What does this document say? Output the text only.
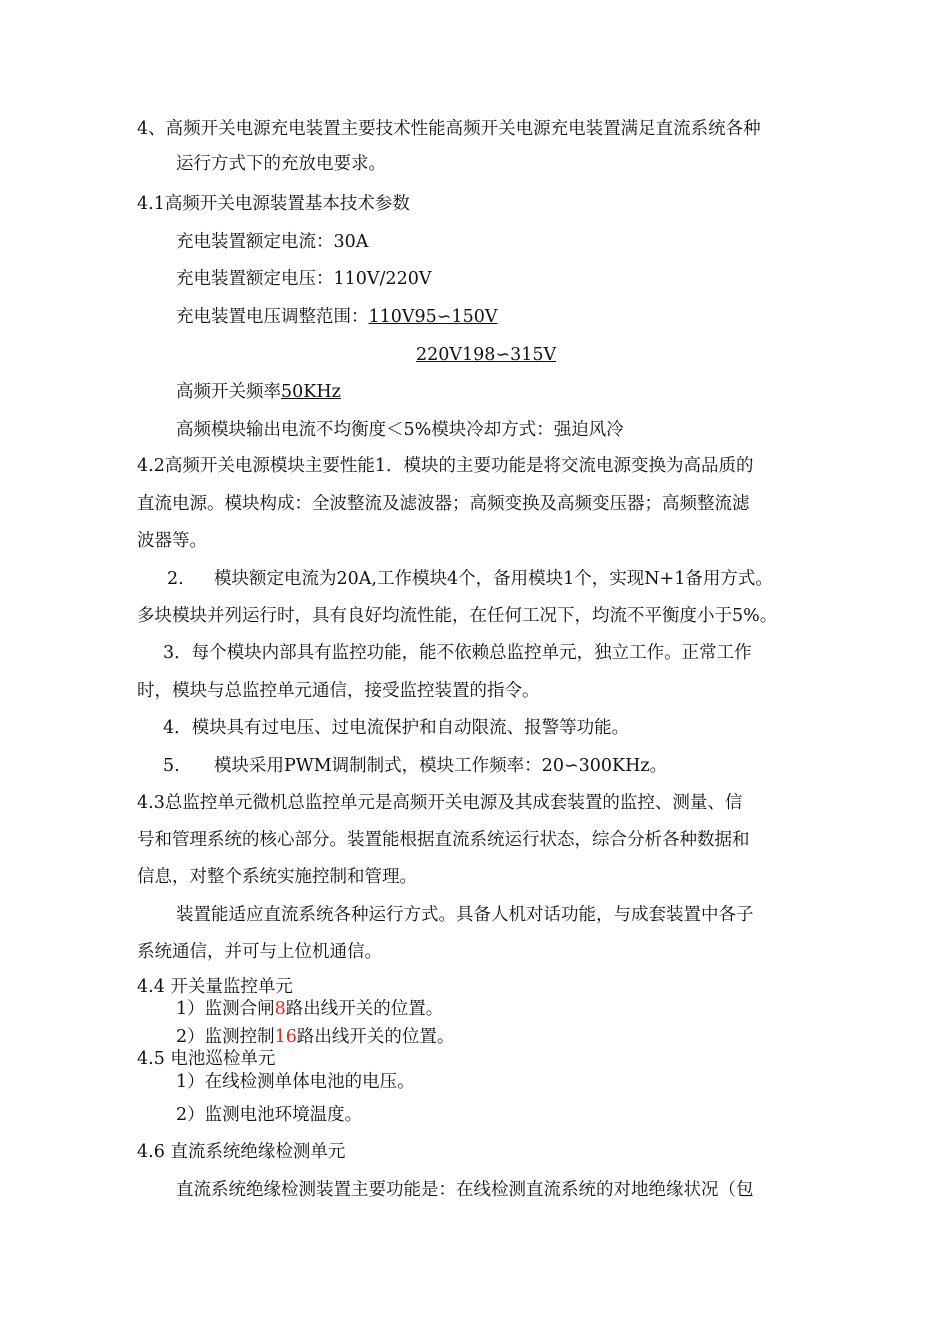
4、高频开关电源充电装置主要技术性能高频开关电源充电装置满足直流系统各种
运行方式下的充放电要求。
4.1高频开关电源装置基本技术参数
充电装置额定电流：30A
充电装置额定电压：110V/220V
充电装置电压调整范围：110V95∽150V
220V198∽315V
高频开关频率50KHz
高频模块输出电流不均衡度＜5%模块冷却方式：强迫风冷
4.2高频开关电源模块主要性能1．模块的主要功能是将交流电源变换为高品质的
直流电源。模块构成：全波整流及滤波器；高频变换及高频变压器；高频整流滤
波器等。
2. 模块额定电流为20A,工作模块4个，备用模块1个，实现N+1备用方式。
多块模块并列运行时，具有良好均流性能，在任何工况下，均流不平衡度小于5%。
3．每个模块内部具有监控功能，能不依赖总监控单元，独立工作。正常工作
时，模块与总监控单元通信，接受监控装置的指令。
4．模块具有过电压、过电流保护和自动限流、报警等功能。
5. 模块采用PWM调制制式，模块工作频率：20∽300KHz。
4.3总监控单元微机总监控单元是高频开关电源及其成套装置的监控、测量、信
号和管理系统的核心部分。装置能根据直流系统运行状态，综合分析各种数据和
信息，对整个系统实施控制和管理。
装置能适应直流系统各种运行方式。具备人机对话功能，与成套装置中各子
系统通信，并可与上位机通信。
4.4 开关量监控单元
1）监测合闸8路出线开关的位置。
2）监测控制16路出线开关的位置。
4.5 电池巡检单元
1）在线检测单体电池的电压。
2）监测电池环境温度。
4.6 直流系统绝缘检测单元
直流系统绝缘检测装置主要功能是：在线检测直流系统的对地绝缘状况（包
